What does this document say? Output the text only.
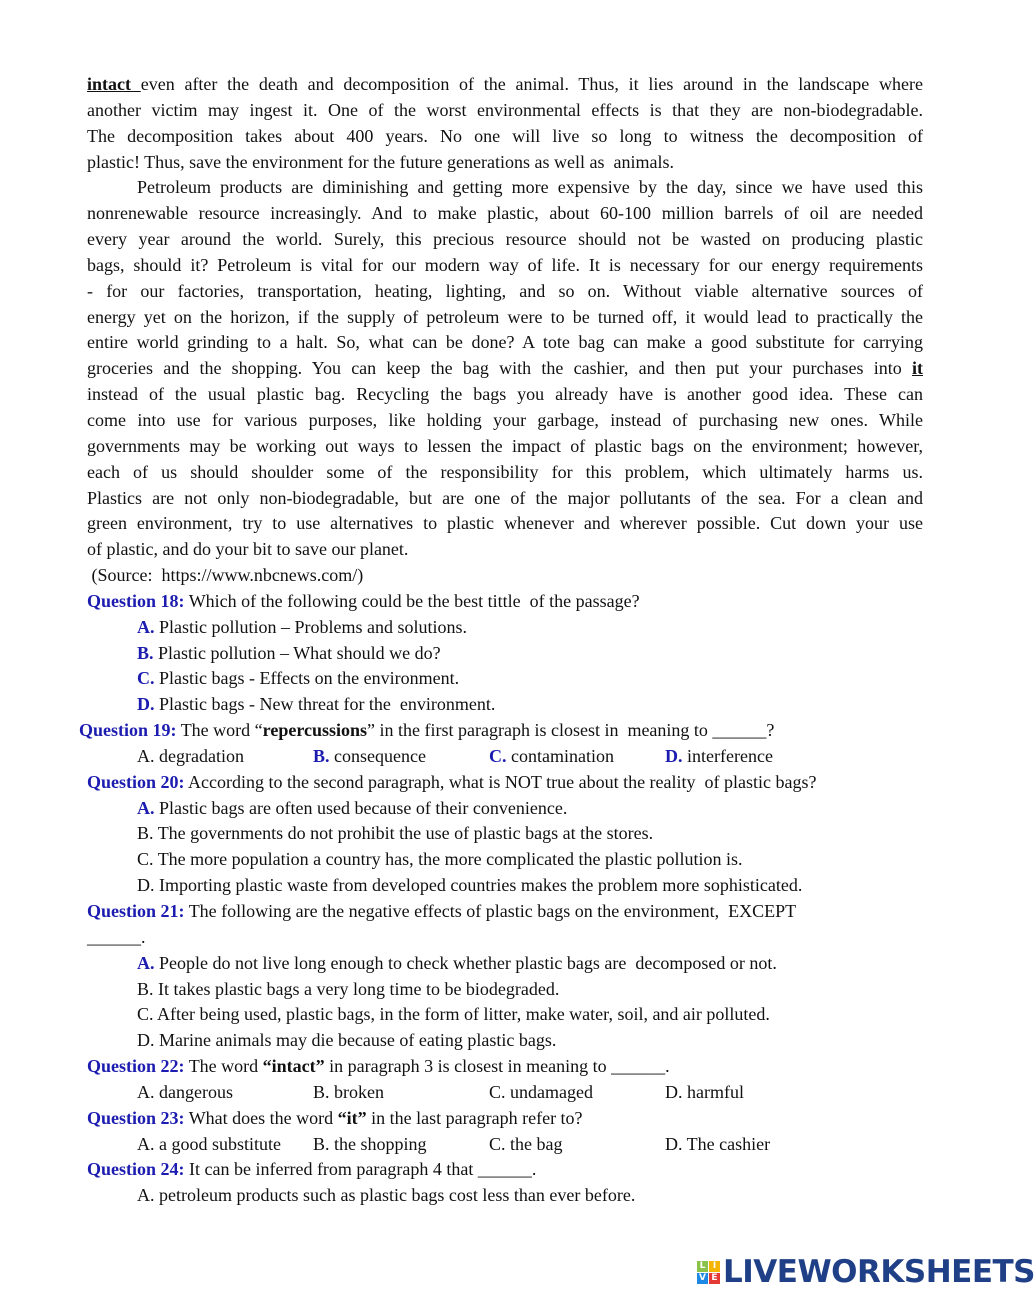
intact even after the death and decomposition of the animal. Thus, it lies around in the landscape where
another victim may ingest it. One of the worst environmental effects is that they are non-biodegradable.
The decomposition takes about 400 years. No one will live so long to witness the decomposition of
plastic! Thus, save the environment for the future generations as well as  animals.
Petroleum products are diminishing and getting more expensive by the day, since we have used this
nonrenewable resource increasingly. And to make plastic, about 60-100 million barrels of oil are needed
every year around the world. Surely, this precious resource should not be wasted on producing plastic
bags, should it? Petroleum is vital for our modern way of life. It is necessary for our energy requirements
- for our factories, transportation, heating, lighting, and so on. Without viable alternative sources of
energy yet on the horizon, if the supply of petroleum were to be turned off, it would lead to practically the
entire world grinding to a halt. So, what can be done? A tote bag can make a good substitute for carrying
groceries and the shopping. You can keep the bag with the cashier, and then put your purchases into it
instead of the usual plastic bag. Recycling the bags you already have is another good idea. These can
come into use for various purposes, like holding your garbage, instead of purchasing new ones. While
governments may be working out ways to lessen the impact of plastic bags on the environment; however,
each of us should shoulder some of the responsibility for this problem, which ultimately harms us.
Plastics are not only non-biodegradable, but are one of the major pollutants of the sea. For a clean and
green environment, try to use alternatives to plastic whenever and wherever possible. Cut down your use
of plastic, and do your bit to save our planet.
(Source:  https://www.nbcnews.com/)
Question 18: Which of the following could be the best tittle  of the passage?
A. Plastic pollution – Problems and solutions.
B. Plastic pollution – What should we do?
C. Plastic bags - Effects on the environment.
D. Plastic bags - New threat for the  environment.
Question 19: The word “repercussions” in the first paragraph is closest in  meaning to ______?
A. degradation	B. consequence	C. contamination	D. interference
Question 20: According to the second paragraph, what is NOT true about the reality  of plastic bags?
A. Plastic bags are often used because of their convenience.
B. The governments do not prohibit the use of plastic bags at the stores.
C. The more population a country has, the more complicated the plastic pollution is.
D. Importing plastic waste from developed countries makes the problem more sophisticated.
Question 21: The following are the negative effects of plastic bags on the environment,  EXCEPT
______.
A. People do not live long enough to check whether plastic bags are  decomposed or not.
B. It takes plastic bags a very long time to be biodegraded.
C. After being used, plastic bags, in the form of litter, make water, soil, and air polluted.
D. Marine animals may die because of eating plastic bags.
Question 22: The word “intact” in paragraph 3 is closest in meaning to ______.
A. dangerous	B. broken	C. undamaged	D. harmful
Question 23: What does the word “it” in the last paragraph refer to?
A. a good substitute B. the shopping	C. the bag	D. The cashier
Question 24: It can be inferred from paragraph 4 that ______.
A. petroleum products such as plastic bags cost less than ever before.
L I
V E LIVEWORKSHEETS
